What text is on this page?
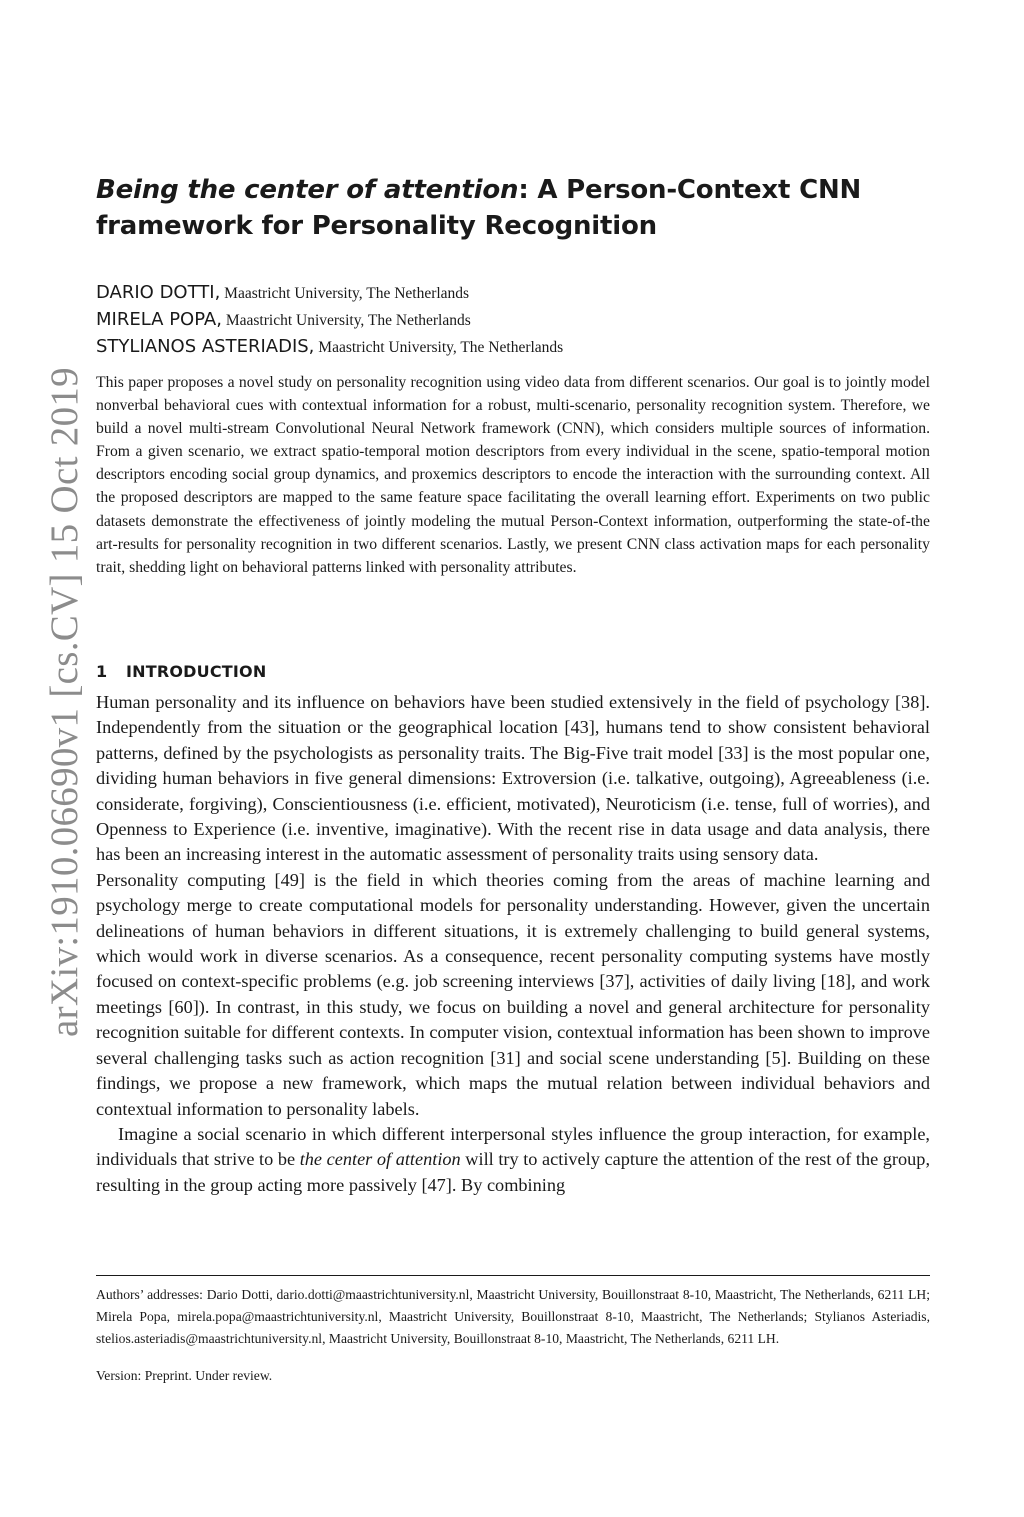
arXiv:1910.06690v1 [cs.CV] 15 Oct 2019
Being the center of attention: A Person-Context CNN framework for Personality Recognition
DARIO DOTTI, Maastricht University, The Netherlands
MIRELA POPA, Maastricht University, The Netherlands
STYLIANOS ASTERIADIS, Maastricht University, The Netherlands

This paper proposes a novel study on personality recognition using video data from different scenarios. Our goal is to jointly model nonverbal behavioral cues with contextual information for a robust, multi-scenario, personality recognition system. Therefore, we build a novel multi-stream Convolutional Neural Network framework (CNN), which considers multiple sources of information. From a given scenario, we extract spatio-temporal motion descriptors from every individual in the scene, spatio-temporal motion descriptors encoding social group dynamics, and proxemics descriptors to encode the interaction with the surrounding context. All the proposed descriptors are mapped to the same feature space facilitating the overall learning effort. Experiments on two public datasets demonstrate the effectiveness of jointly modeling the mutual Person-Context information, outperforming the state-of-the art-results for personality recognition in two different scenarios. Lastly, we present CNN class activation maps for each personality trait, shedding light on behavioral patterns linked with personality attributes.

1 INTRODUCTION

Human personality and its influence on behaviors have been studied extensively in the field of psychology [38]. Independently from the situation or the geographical location [43], humans tend to show consistent behavioral patterns, defined by the psychologists as personality traits. The Big-Five trait model [33] is the most popular one, dividing human behaviors in five general dimensions: Extroversion (i.e. talkative, outgoing), Agreeableness (i.e. considerate, forgiving), Conscientiousness (i.e. efficient, motivated), Neuroticism (i.e. tense, full of worries), and Openness to Experience (i.e. inventive, imaginative). With the recent rise in data usage and data analysis, there has been an increasing interest in the automatic assessment of personality traits using sensory data.

Personality computing [49] is the field in which theories coming from the areas of machine learning and psychology merge to create computational models for personality understanding. However, given the uncertain delineations of human behaviors in different situations, it is extremely challenging to build general systems, which would work in diverse scenarios. As a consequence, recent personality computing systems have mostly focused on context-specific problems (e.g. job screening interviews [37], activities of daily living [18], and work meetings [60]). In contrast, in this study, we focus on building a novel and general architecture for personality recognition suitable for different contexts. In computer vision, contextual information has been shown to improve several challenging tasks such as action recognition [31] and social scene understanding [5]. Building on these findings, we propose a new framework, which maps the mutual relation between individual behaviors and contextual information to personality labels.

Imagine a social scenario in which different interpersonal styles influence the group interaction, for example, individuals that strive to be the center of attention will try to actively capture the attention of the rest of the group, resulting in the group acting more passively [47]. By combining

Authors’ addresses: Dario Dotti, dario.dotti@maastrichtuniversity.nl, Maastricht University, Bouillonstraat 8-10, Maastricht, The Netherlands, 6211 LH; Mirela Popa, mirela.popa@maastrichtuniversity.nl, Maastricht University, Bouillonstraat 8-10, Maastricht, The Netherlands; Stylianos Asteriadis, stelios.asteriadis@maastrichtuniversity.nl, Maastricht University, Bouillonstraat 8-10, Maastricht, The Netherlands, 6211 LH.

Version: Preprint. Under review.
